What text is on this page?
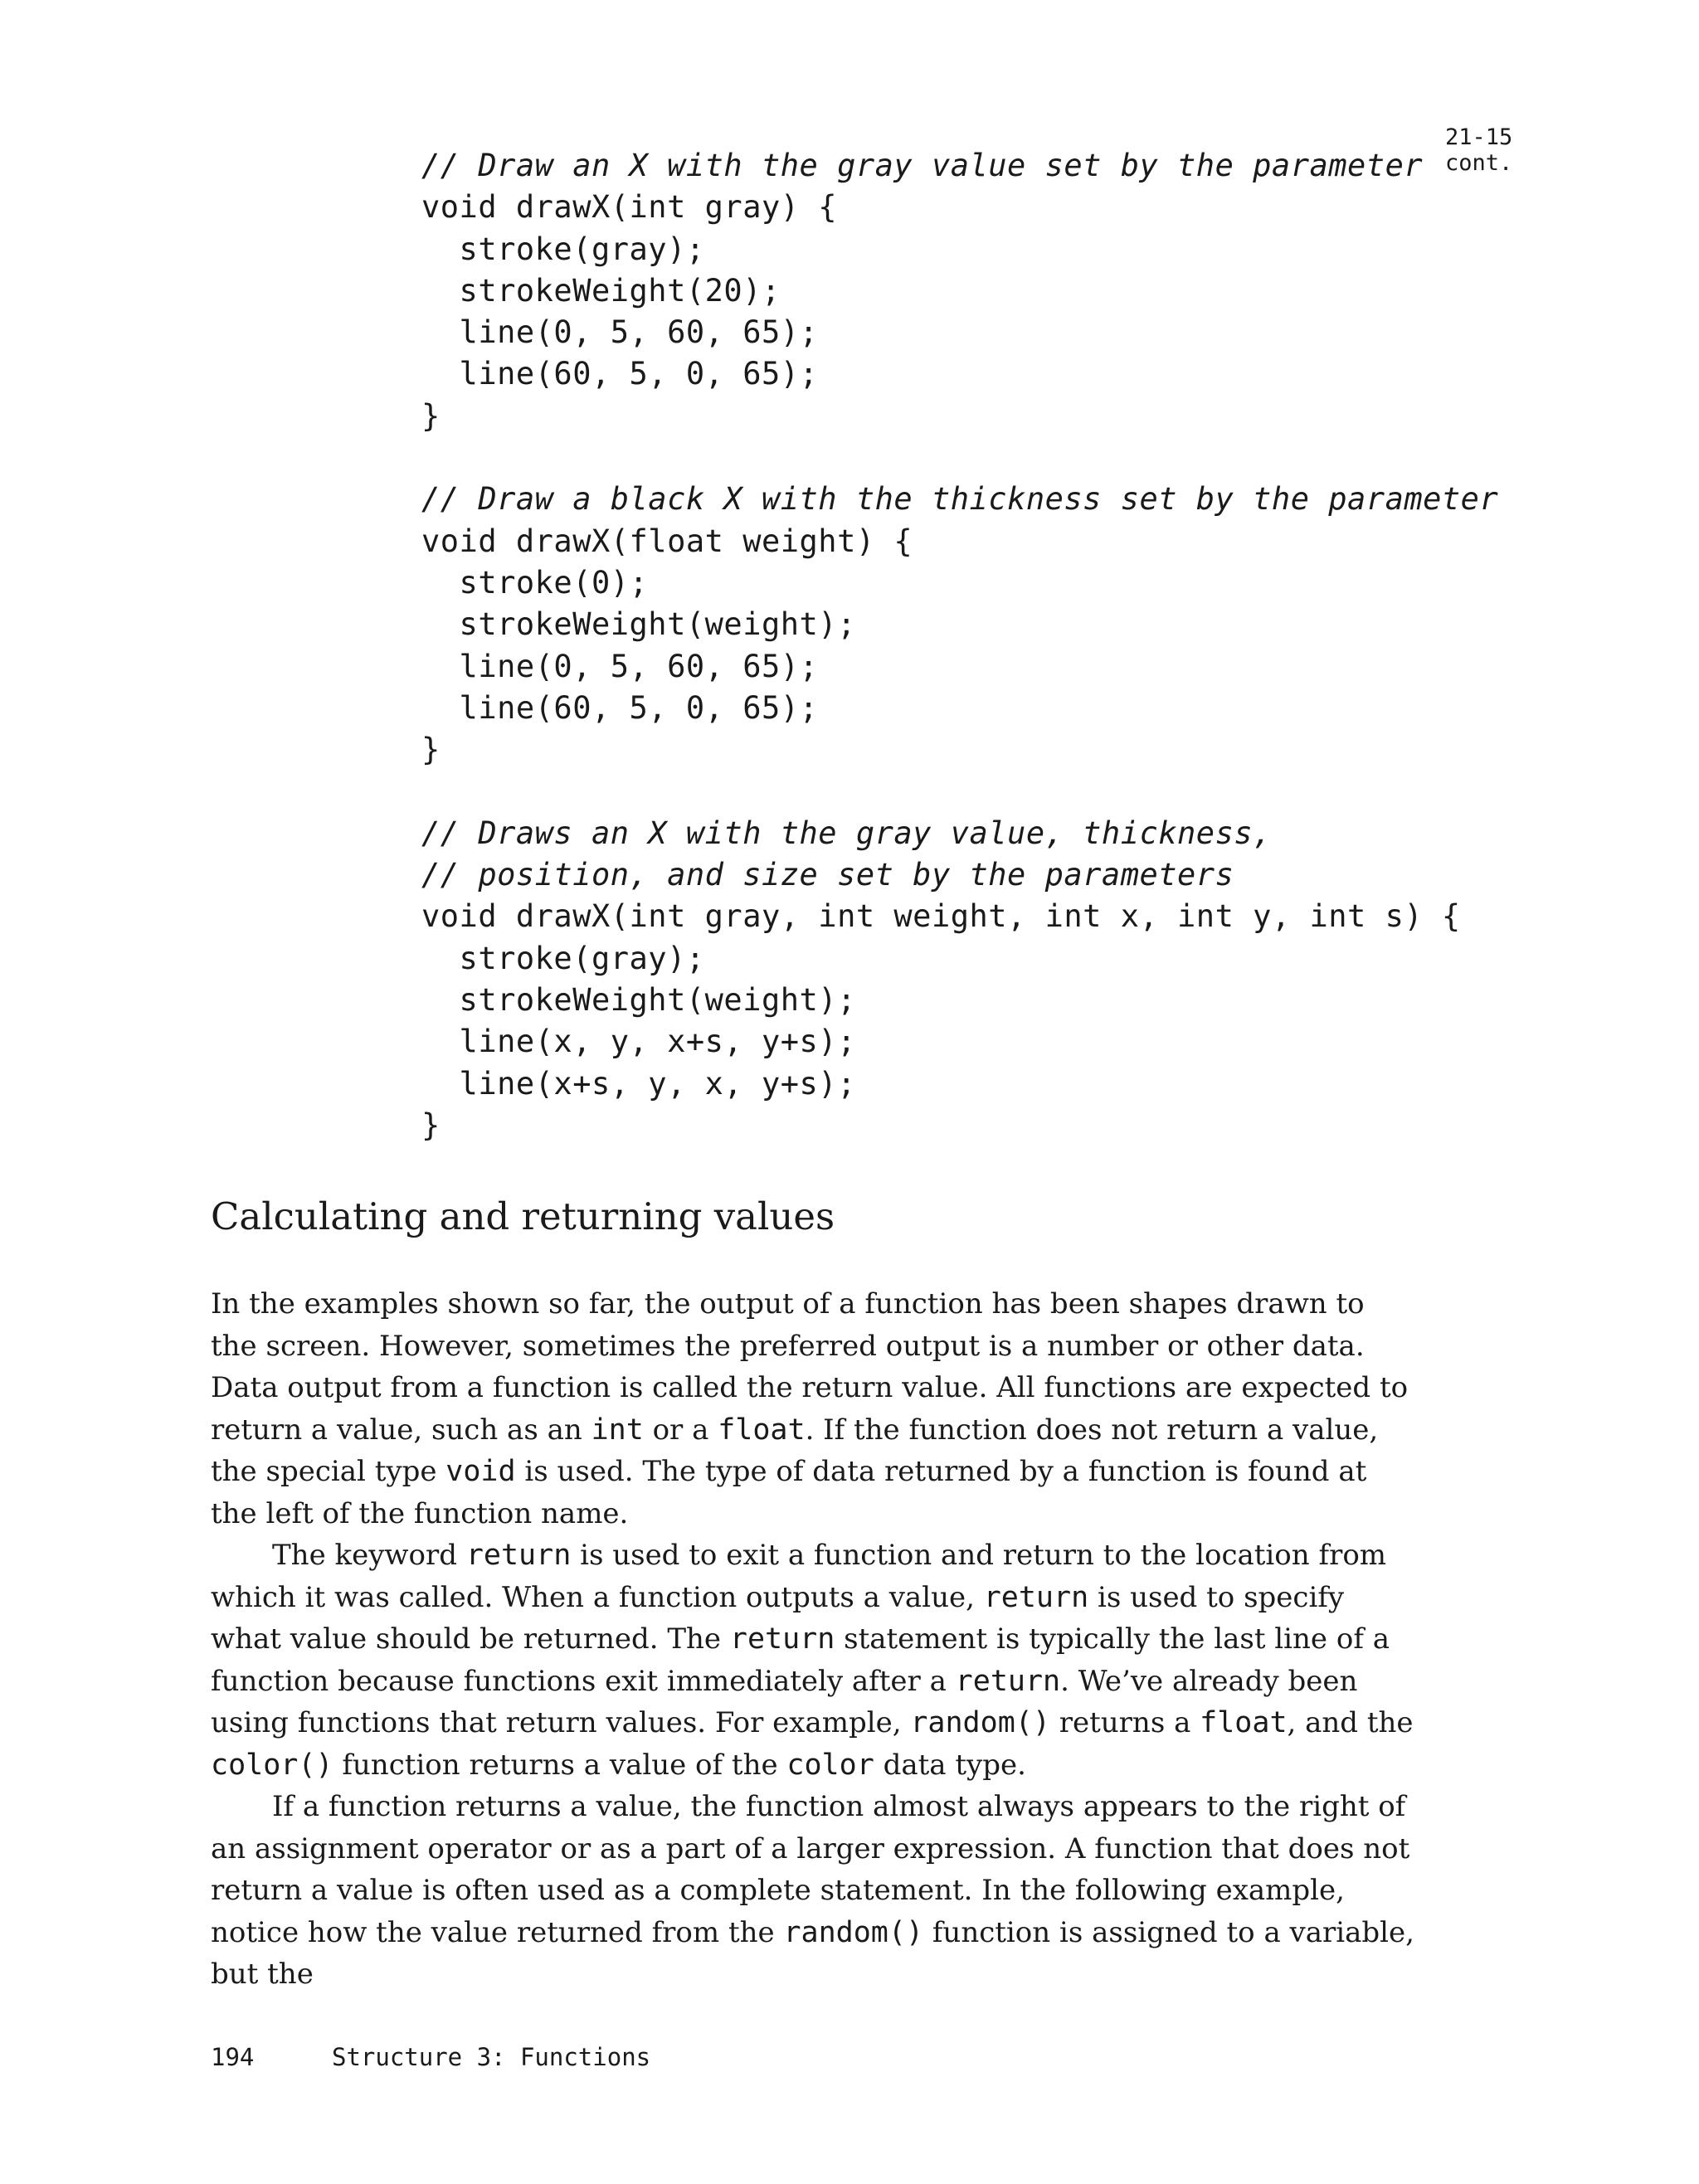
// Draw an X with the gray value set by the parameter
void drawX(int gray) {
stroke(gray);
strokeWeight(20);
line(0, 5, 60, 65);
line(60, 5, 0, 65);
}
// Draw a black X with the thickness set by the parameter
void drawX(float weight) {
stroke(0);
strokeWeight(weight);
line(0, 5, 60, 65);
line(60, 5, 0, 65);
}
// Draws an X with the gray value, thickness,
// position, and size set by the parameters
void drawX(int gray, int weight, int x, int y, int s) {
stroke(gray);
strokeWeight(weight);
line(x, y, x+s, y+s);
line(x+s, y, x, y+s);
}
21-15
cont.
Calculating and returning values

In the examples shown so far, the output of a function has been shapes drawn to the screen. However, sometimes the preferred output is a number or other data. Data output from a function is called the return value. All functions are expected to return a value, such as an int or a float. If the function does not return a value, the special type void is used. The type of data returned by a function is found at the left of the function name.

The keyword return is used to exit a function and return to the location from which it was called. When a function outputs a value, return is used to specify what value should be returned. The return statement is typically the last line of a function because functions exit immediately after a return. We’ve already been using functions that return values. For example, random() returns a float, and the color() function returns a value of the color data type.

If a function returns a value, the function almost always appears to the right of an assignment operator or as a part of a larger expression. A function that does not return a value is often used as a complete statement. In the following example, notice how the value returned from the random() function is assigned to a variable, but the

194	Structure 3: Functions
